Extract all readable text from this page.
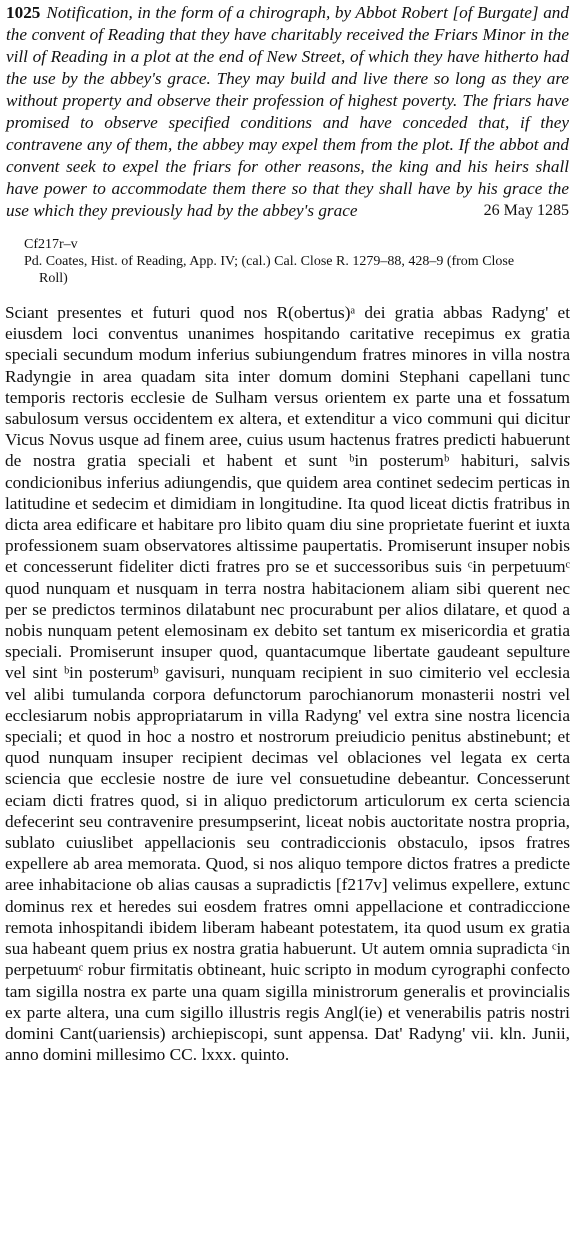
1025 Notification, in the form of a chirograph, by Abbot Robert [of Burgate] and the convent of Reading that they have charitably received the Friars Minor in the vill of Reading in a plot at the end of New Street, of which they have hitherto had the use by the abbey's grace. They may build and live there so long as they are without property and observe their profession of highest poverty. The friars have promised to observe specified conditions and have conceded that, if they contravene any of them, the abbey may expel them from the plot. If the abbot and convent seek to expel the friars for other reasons, the king and his heirs shall have power to accommodate them there so that they shall have by his grace the use which they previously had by the abbey's grace	26 May 1285
Cf217r–v
Pd. Coates, Hist. of Reading, App. IV; (cal.) Cal. Close R. 1279–88, 428–9 (from Close
Roll)

Sciant presentes et futuri quod nos R(obertus)ᵃ dei gratia abbas Radyng' et eiusdem loci conventus unanimes hospitando caritative recepimus ex gratia speciali secundum modum inferius subiungendum fratres minores in villa nostra Radyngie in area quadam sita inter domum domini Stephani capellani tunc temporis rectoris ecclesie de Sulham versus orientem ex parte una et fossatum sabulosum versus occidentem ex altera, et extenditur a vico communi qui dicitur Vicus Novus usque ad finem aree, cuius usum hactenus fratres predicti habuerunt de nostra gratia speciali et habent et sunt ᵇin posterumᵇ habituri, salvis condicionibus inferius adiungendis, que quidem area continet sedecim perticas in latitudine et sedecim et dimidiam in longitudine. Ita quod liceat dictis fratribus in dicta area edificare et habitare pro libito quam diu sine proprietate fuerint et iuxta professionem suam observatores altissime paupertatis. Promiserunt insuper nobis et concesserunt fideliter dicti fratres pro se et successoribus suis ᶜin perpetuumᶜ quod nunquam et nusquam in terra nostra habitacionem aliam sibi querent nec per se predictos terminos dilatabunt nec procurabunt per alios dilatare, et quod a nobis nunquam petent elemosinam ex debito set tantum ex misericordia et gratia speciali. Promiserunt insuper quod, quantacumque libertate gaudeant sepulture vel sint ᵇin posterumᵇ gavisuri, nunquam recipient in suo cimiterio vel ecclesia vel alibi tumulanda corpora defunctorum parochianorum monasterii nostri vel ecclesiarum nobis appropriatarum in villa Radyng' vel extra sine nostra licencia speciali; et quod in hoc a nostro et nostrorum preiudicio penitus abstinebunt; et quod nunquam insuper recipient decimas vel oblaciones vel legata ex certa sciencia que ecclesie nostre de iure vel consuetudine debeantur. Concesserunt eciam dicti fratres quod, si in aliquo predictorum articulorum ex certa sciencia defecerint seu contravenire presumpserint, liceat nobis auctoritate nostra propria, sublato cuiuslibet appellacionis seu contradiccionis obstaculo, ipsos fratres expellere ab area memorata. Quod, si nos aliquo tempore dictos fratres a predicte aree inhabitacione ob alias causas a supradictis [f217v] velimus expellere, extunc dominus rex et heredes sui eosdem fratres omni appellacione et contradiccione remota inhospitandi ibidem liberam habeant potestatem, ita quod usum ex gratia sua habeant quem prius ex nostra gratia habuerunt. Ut autem omnia supradicta ᶜin perpetuumᶜ robur firmitatis obtineant, huic scripto in modum cyrographi confecto tam sigilla nostra ex parte una quam sigilla ministrorum generalis et provincialis ex parte altera, una cum sigillo illustris regis Angl(ie) et venerabilis patris nostri domini Cant(uariensis) archiepiscopi, sunt appensa. Dat' Radyng' vii. kln. Junii, anno domini millesimo CC. lxxx. quinto.
